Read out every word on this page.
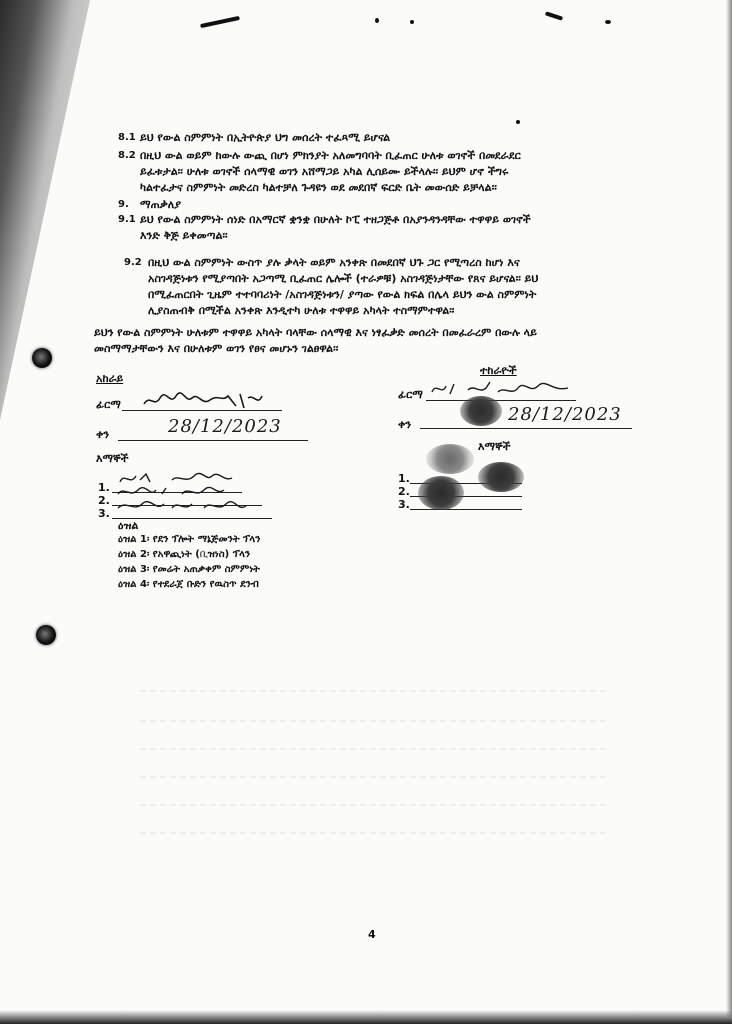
8.1 ይህ የውል ስምምነት በኢትዮጵያ ህግ መሰረት ተፈጻሚ ይሆናል
8.2 በዚህ ውል ወይም ከውሉ ውጪ በሆነ ምክንያት አለመግባባት ቢፈጠር ሁለቱ ወገኖች በመደራደር
ይፈቱታል፡፡ ሁለቱ ወገኖች ሰላማዊ ወገን አሸማጋይ አካል ሊሰይሙ ይችላሉ፡፡ ይህም ሆኖ ችግሩ
ካልተፈታና ስምምነት መድረስ ካልተቻለ ጉዳዩን ወደ መደበኛ ፍርድ ቤት መውሰድ ይቻላል፡፡
9. ማጠቃለያ
9.1 ይህ የውል ስምምነት ሰነድ በአማርኛ ቋንቋ በሁለት ኮፒ ተዘጋጅቶ በአያንዳንዳቸው ተዋዋይ ወገኖች
እንድ ቅጅ ይቀመጣል፡፡
9.2 በዚህ ውል ስምምነት ውስጥ ያሉ ቃላት ወይም አንቀጽ በመደበኛ ህጉ ጋር የሚጣረስ ከሆነ እና
አስገዳጅነቱን የሚያጣበት አጋጣሚ ቢፈጠር ሌሎች (ተራዎቹ) አስገዳጅነታቸው የጸና ይሆናል፡፡ ይህ
በሚፈጠርበት ጊዜም ተተባባሪነት /አስገዳጅነቱን/ ያጣው የውል ክፍል በሌላ ይህን ውል ስምምነት
ሊያስጠብቅ በሚችል አንቀጽ እንዲተካ ሁለቱ ተዋዋይ አካላት ተስማምተዋል፡፡
ይህን የውል ስምምነት ሁለቱም ተዋዋይ አካላት ባላቸው ሰላማዊ እና ነፃፈቃድ መሰረት በመፈራረም በውሉ ላይ
መስማማታቸውን እና በሁለቱም ወገን የፀና መሆኑን ገልፀዋል፡፡
አከራይ
ፊርማ
ቀን	28/12/2023
እማኞች
1.
2.
3.
ዕዝል
ዕዝል 1፡ የደን ፕሎት ማኔጅመንት ፕላን
ዕዝል 2፡ የአዋጪነት (ቢዝነስ) ፕላን
ዕዝል 3፡ የመሬት አጠቃቀም ስምምነት
ዕዝል 4፡ የተደራጀ ቡድን የዉስጥ ደንብ
ተከራዮች
ፊርማ
ቀን	28/12/2023
እማኞች
1.
2.
3.
4
